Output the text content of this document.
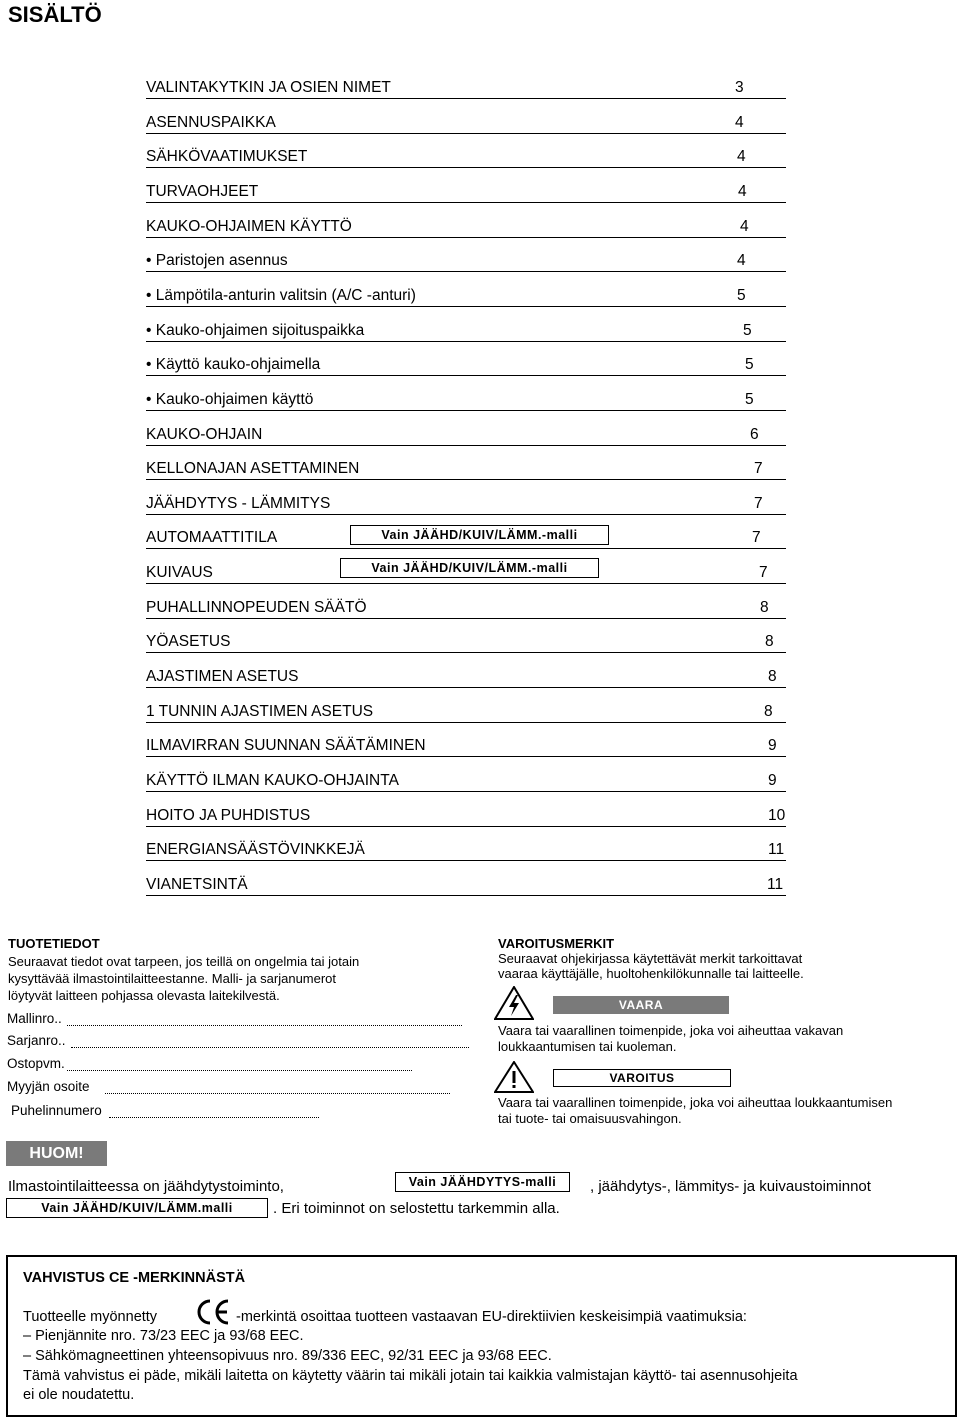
SISÄLTÖ
VALINTAKYTKIN JA OSIEN NIMET	3
ASENNUSPAIKKA	4
SÄHKÖVAATIMUKSET	4
TURVAOHJEET	4
KAUKO-OHJAIMEN KÄYTTÖ	4
• Paristojen asennus	4
• Lämpötila-anturin valitsin (A/C -anturi)	5
• Kauko-ohjaimen sijoituspaikka	5
• Käyttö kauko-ohjaimella	5
• Kauko-ohjaimen käyttö	5
KAUKO-OHJAIN	6
KELLONAJAN ASETTAMINEN	7
JÄÄHDYTYS - LÄMMITYS	7
AUTOMAATTITILA	7
Vain JÄÄHD/KUIV/LÄMM.-malli
KUIVAUS	7
Vain JÄÄHD/KUIV/LÄMM.-malli
PUHALLINNOPEUDEN SÄÄTÖ	8
YÖASETUS	8
AJASTIMEN ASETUS	8
1 TUNNIN AJASTIMEN ASETUS	8
ILMAVIRRAN SUUNNAN SÄÄTÄMINEN	9
KÄYTTÖ ILMAN KAUKO-OHJAINTA	9
HOITO JA PUHDISTUS	10
ENERGIANSÄÄSTÖVINKKEJÄ	11
VIANETSINTÄ	11
TUOTETIEDOT
Seuraavat tiedot ovat tarpeen, jos teillä on ongelmia tai jotain
kysyttävää ilmastointilaitteestanne. Malli- ja sarjanumerot
löytyvät laitteen pohjassa olevasta laitekilvestä.
Mallinro..
Sarjanro..
Ostopvm.
Myyjän osoite
Puhelinnumero
VAROITUSMERKIT
Seuraavat ohjekirjassa käytettävät merkit tarkoittavat
vaaraa käyttäjälle, huoltohenkilökunnalle tai laitteelle.
VAARA
Vaara tai vaarallinen toimenpide, joka voi aiheuttaa vakavan
loukkaantumisen tai kuoleman.
VAROITUS
Vaara tai vaarallinen toimenpide, joka voi aiheuttaa loukkaantumisen
tai tuote- tai omaisuusvahingon.
HUOM!
Ilmastointilaitteessa on jäähdytystoiminto,	Vain JÄÄHDYTYS-malli	, jäähdytys-, lämmitys- ja kuivaustoiminnot
Vain JÄÄHD/KUIV/LÄMM.malli	. Eri toiminnot on selostettu tarkemmin alla.
VAHVISTUS CE -MERKINNÄSTÄ
Tuotteelle myönnetty	-merkintä osoittaa tuotteen vastaavan EU-direktiivien keskeisimpiä vaatimuksia:
– Pienjännite nro. 73/23 EEC ja 93/68 EEC.
– Sähkömagneettinen yhteensopivuus nro. 89/336 EEC, 92/31 EEC ja 93/68 EEC.
Tämä vahvistus ei päde, mikäli laitetta on käytetty väärin tai mikäli jotain tai kaikkia valmistajan käyttö- tai asennusohjeita
ei ole noudatettu.
